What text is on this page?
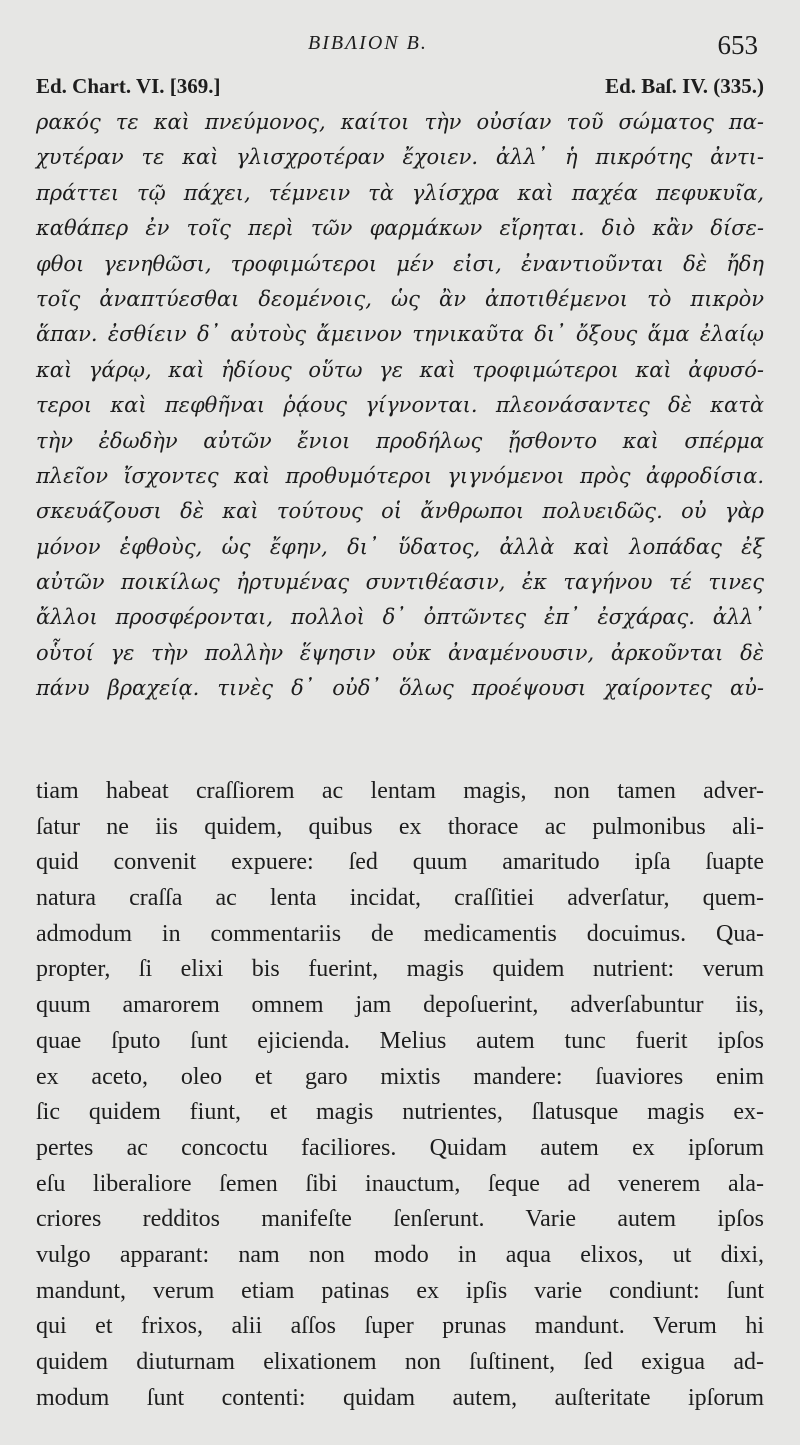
ΒΙΒΛΙΟΝ Β.	653
Ed. Chart. VI. [369.]	Ed. Baſ. IV. (335.)
ρακός τε καὶ πνεύμονος, καίτοι τὴν οὐσίαν τοῦ σώματος πα-
χυτέραν τε καὶ γλισχροτέραν ἔχοιεν. ἀλλ᾽ ἡ πικρότης ἀντι-
πράττει τῷ πάχει, τέμνειν τὰ γλίσχρα καὶ παχέα πεφυκυῖα,
καθάπερ ἐν τοῖς περὶ τῶν φαρμάκων εἴρηται. διὸ κἂν δίσε-
φθοι γενηθῶσι, τροφιμώτεροι μέν εἰσι, ἐναντιοῦνται δὲ ἤδη
τοῖς ἀναπτύεσθαι δεομένοις, ὡς ἂν ἀποτιθέμενοι τὸ πικρὸν
ἅπαν. ἐσθίειν δ᾽ αὐτοὺς ἄμεινον τηνικαῦτα δι᾽ ὄξους ἅμα ἐλαίῳ
καὶ γάρῳ, καὶ ἡδίους οὕτω γε καὶ τροφιμώτεροι καὶ ἀφυσό-
τεροι καὶ πεφθῆναι ῥᾴους γίγνονται. πλεονάσαντες δὲ κατὰ
τὴν ἐδωδὴν αὐτῶν ἔνιοι προδήλως ᾔσθοντο καὶ σπέρμα
πλεῖον ἴσχοντες καὶ προθυμότεροι γιγνόμενοι πρὸς ἀφροδίσια.
σκευάζουσι δὲ καὶ τούτους οἱ ἄνθρωποι πολυειδῶς. οὐ γὰρ
μόνον ἑφθοὺς, ὡς ἔφην, δι᾽ ὕδατος, ἀλλὰ καὶ λοπάδας ἐξ
αὐτῶν ποικίλως ἠρτυμένας συντιθέασιν, ἐκ ταγήνου τέ τινες
ἄλλοι προσφέρονται, πολλοὶ δ᾽ ὀπτῶντες ἐπ᾽ ἐσχάρας. ἀλλ᾽
οὗτοί γε τὴν πολλὴν ἕψησιν οὐκ ἀναμένουσιν, ἀρκοῦνται δὲ
πάνυ βραχείᾳ. τινὲς δ᾽ οὐδ᾽ ὅλως προέψουσι χαίροντες αὐ-
tiam habeat craſſiorem ac lentam magis, non tamen adver-
ſatur ne iis quidem, quibus ex thorace ac pulmonibus ali-
quid convenit expuere: ſed quum amaritudo ipſa ſuapte
natura craſſa ac lenta incidat, craſſitiei adverſatur, quem-
admodum in commentariis de medicamentis docuimus. Qua-
propter, ſi elixi bis fuerint, magis quidem nutrient: verum
quum amarorem omnem jam depoſuerint, adverſabuntur iis,
quae ſputo ſunt ejicienda. Melius autem tunc fuerit ipſos
ex aceto, oleo et garo mixtis mandere: ſuaviores enim
ſic quidem fiunt, et magis nutrientes, ſlatusque magis ex-
pertes ac concoctu faciliores. Quidam autem ex ipſorum
eſu liberaliore ſemen ſibi inauctum, ſeque ad venerem ala-
criores redditos manifeſte ſenſerunt. Varie autem ipſos
vulgo apparant: nam non modo in aqua elixos, ut dixi,
mandunt, verum etiam patinas ex ipſis varie condiunt: ſunt
qui et frixos, alii aſſos ſuper prunas mandunt. Verum hi
quidem diuturnam elixationem non ſuſtinent, ſed exigua ad-
modum ſunt contenti: quidam autem, auſteritate ipſorum
